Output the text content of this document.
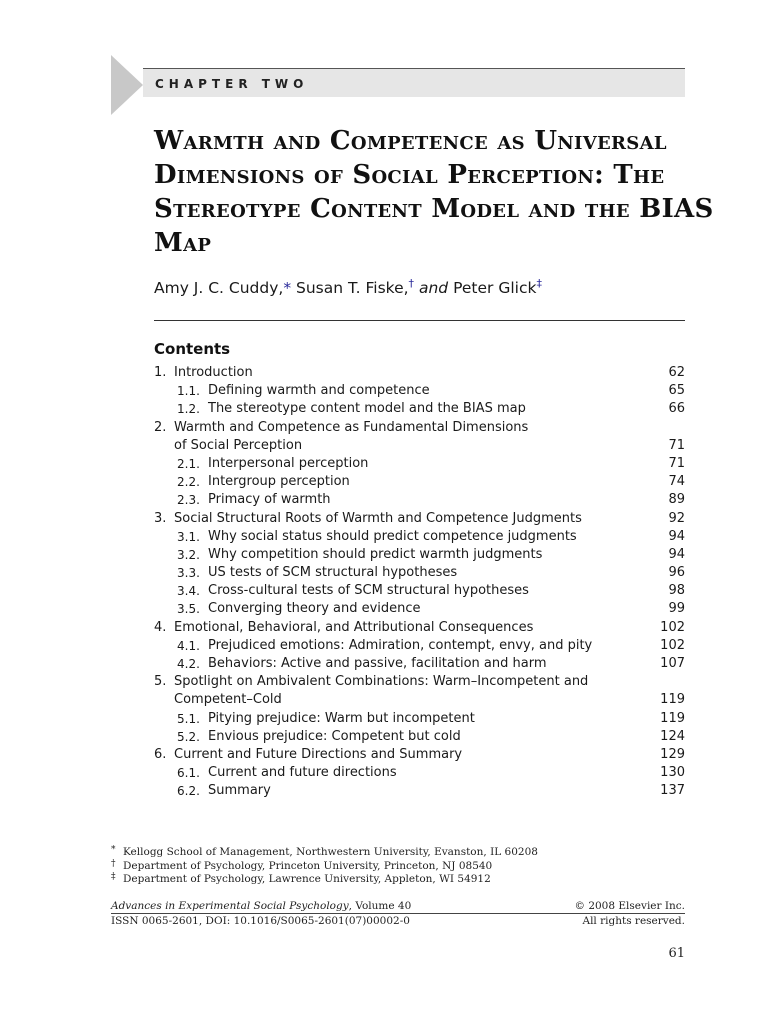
CHAPTER TWO
Warmth and Competence as Universal Dimensions of Social Perception: The Stereotype Content Model and the BIAS Map
Amy J. C. Cuddy,* Susan T. Fiske,† and Peter Glick‡
Contents
1. Introduction	62
1.1. Defining warmth and competence	65
1.2. The stereotype content model and the BIAS map	66
2. Warmth and Competence as Fundamental Dimensions
of Social Perception	71
2.1. Interpersonal perception	71
2.2. Intergroup perception	74
2.3. Primacy of warmth	89
3. Social Structural Roots of Warmth and Competence Judgments	92
3.1. Why social status should predict competence judgments	94
3.2. Why competition should predict warmth judgments	94
3.3. US tests of SCM structural hypotheses	96
3.4. Cross-cultural tests of SCM structural hypotheses	98
3.5. Converging theory and evidence	99
4. Emotional, Behavioral, and Attributional Consequences	102
4.1. Prejudiced emotions: Admiration, contempt, envy, and pity	102
4.2. Behaviors: Active and passive, facilitation and harm	107
5. Spotlight on Ambivalent Combinations: Warm–Incompetent and
Competent–Cold	119
5.1. Pitying prejudice: Warm but incompetent	119
5.2. Envious prejudice: Competent but cold	124
6. Current and Future Directions and Summary	129
6.1. Current and future directions	130
6.2. Summary	137
* Kellogg School of Management, Northwestern University, Evanston, IL 60208
† Department of Psychology, Princeton University, Princeton, NJ 08540
‡ Department of Psychology, Lawrence University, Appleton, WI 54912
Advances in Experimental Social Psychology, Volume 40	© 2008 Elsevier Inc.
ISSN 0065-2601, DOI: 10.1016/S0065-2601(07)00002-0	All rights reserved.
61
